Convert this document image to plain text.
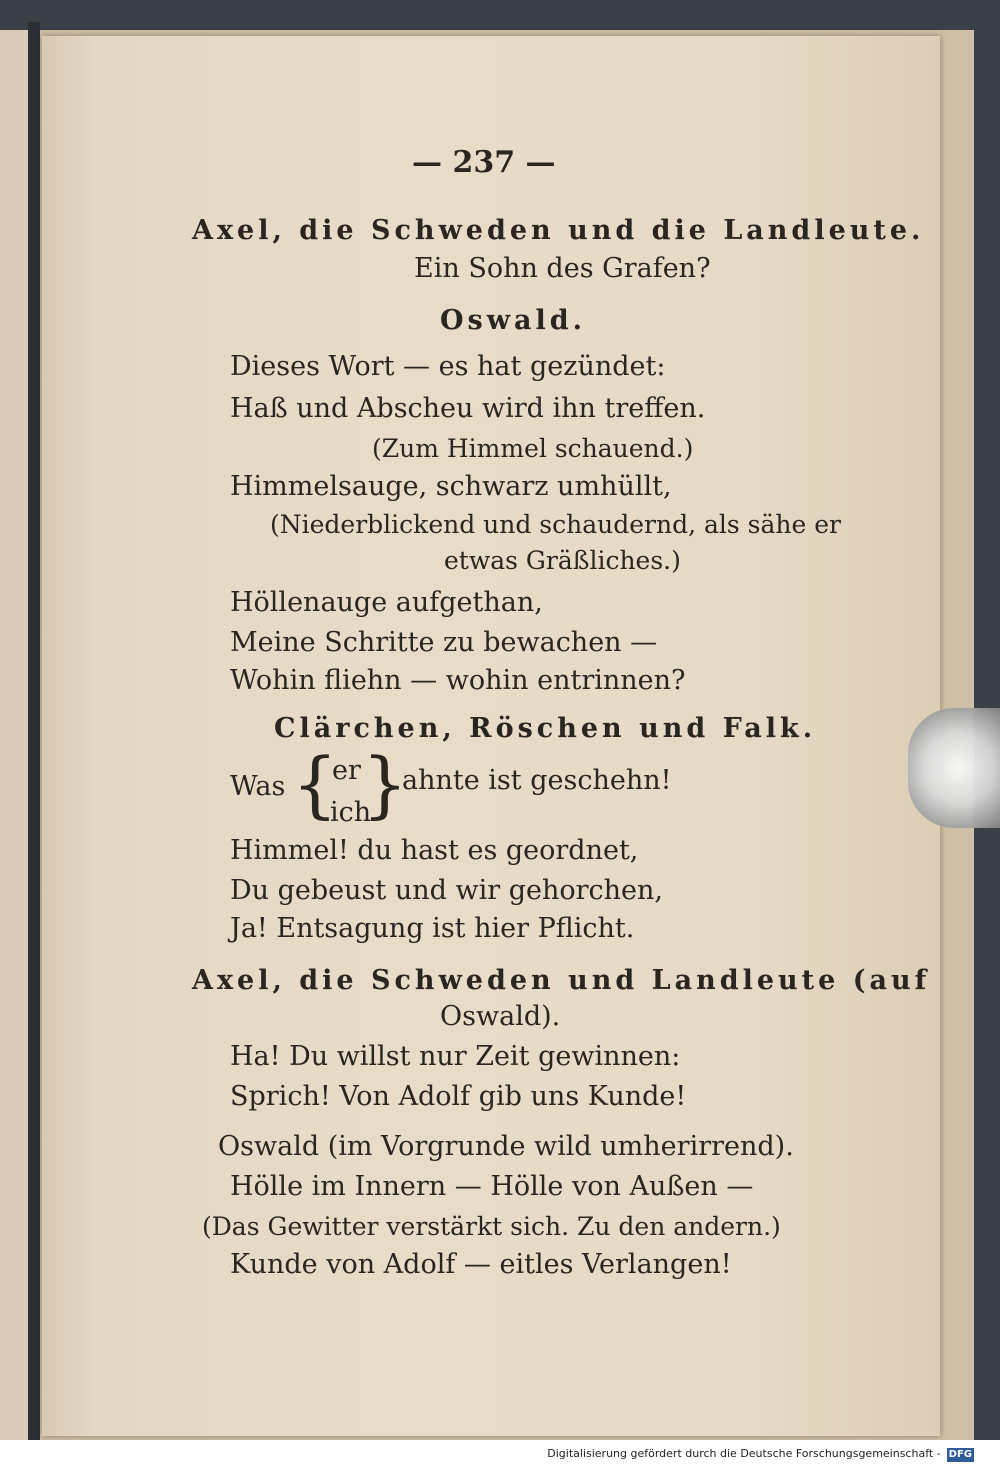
— 237 —

Axel, die Schweden und die Landleute.

Ein Sohn des Grafen?

Oswald.

Dieses Wort — es hat gezündet:

Haß und Abscheu wird ihn treffen.

(Zum Himmel schauend.)

Himmelsauge, schwarz umhüllt,

(Niederblickend und schaudernd, als sähe er

etwas Gräßliches.)

Höllenauge aufgethan,

Meine Schritte zu bewachen —

Wohin fliehn — wohin entrinnen?

Clärchen, Röschen und Falk.

Was {

er

ich

}

ahnte ist geschehn!

Himmel! du hast es geordnet,

Du gebeust und wir gehorchen,

Ja! Entsagung ist hier Pflicht.

Axel, die Schweden und Landleute (auf

Oswald).

Ha! Du willst nur Zeit gewinnen:

Sprich! Von Adolf gib uns Kunde!

Oswald (im Vorgrunde wild umherirrend).

Hölle im Innern — Hölle von Außen —

(Das Gewitter verstärkt sich. Zu den andern.)

Kunde von Adolf — eitles Verlangen!

Digitalisierung gefördert durch die Deutsche Forschungsgemeinschaft - DFG
